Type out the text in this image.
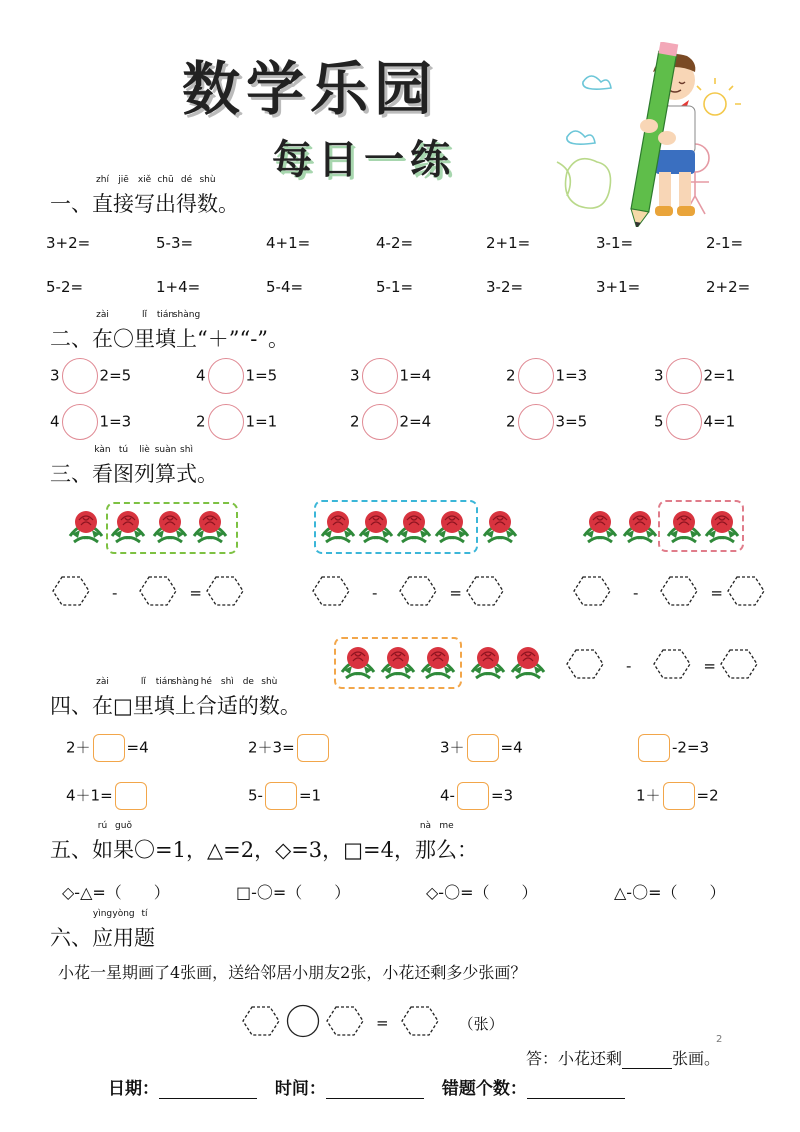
数学乐园
每日一练
一、
zhí
直
jiē
接
xiě
写
chū
出
dé
得
shù
数。
3+2=	5-3=	4+1=	4-2=	2+1=	3-1=	2-1=
5-2=	1+4=	5-4=	5-1=	3-2=	3+1=	2+2=
二、
zài
在
〇
lǐ
里
tián
填
shàng
上“＋”“-”。
3	2=5	4	1=5	3	1=4	2	1=3	3	2=1
4	1=3	2	1=1	2	2=4	2	3=5	5	4=1
三、
kàn
看
tú
图
liè
列
suàn
算
shì
式。
-	=	-	=	-	=
-	=
四、
zài
在
□
lǐ
里
tián
填
shàng
上
hé
合
shì
适
de
的
shù
数。
2＋ =4	2＋3=	3＋ =4	-2=3
4＋1=	5- =1	4- =3	1＋ =2
五、
rú
如
guǒ
果〇=1，△=2，◇=3，□=4，
nà
那
me
么：
◇-△=（　　）	□-〇=（　　）	◇-〇=（　　）	△-〇=（　　）
六、
yìng
应
yòng
用
tí
题
小花一星期画了4张画，送给邻居小朋友2张，小花还剩多少张画？
=	（张）
2
答：小花还剩	张画。
日期：	时间：	错题个数：
